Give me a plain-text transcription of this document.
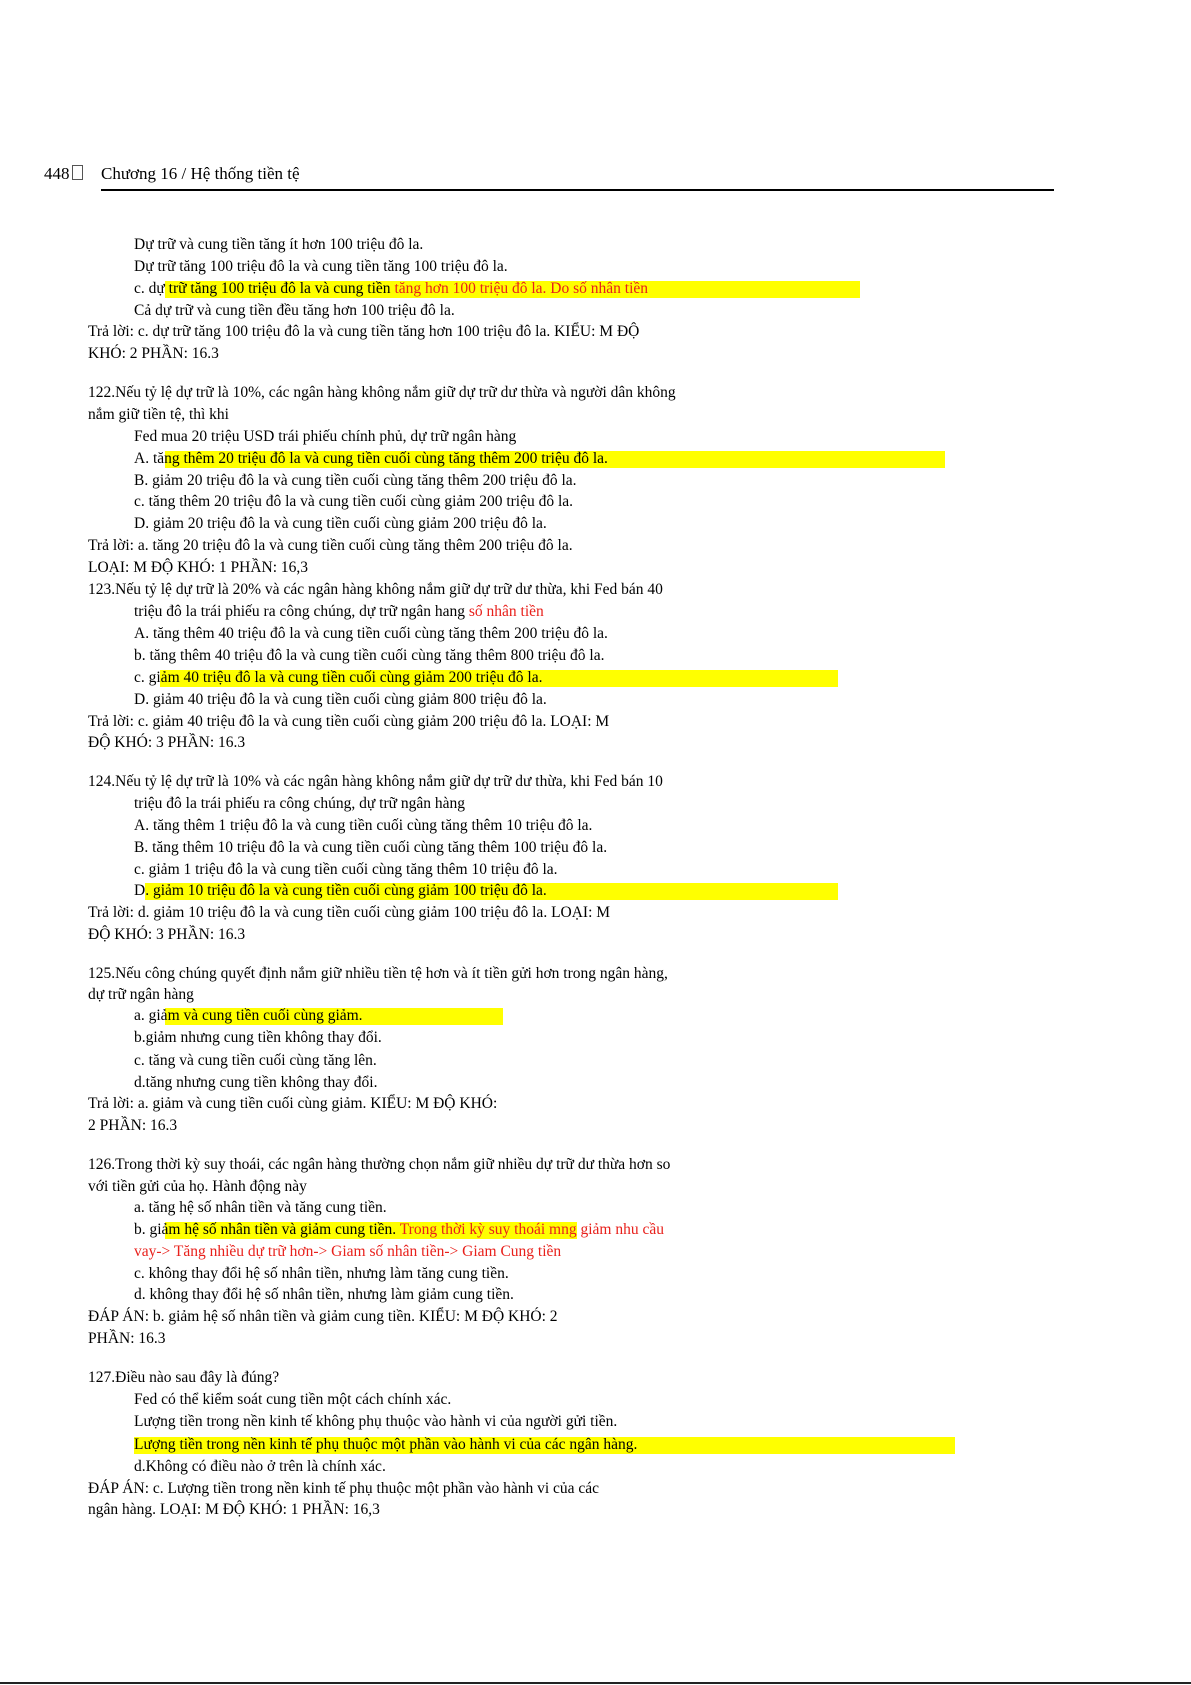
448	Chương 16 / Hệ thống tiền tệ
Dự trữ và cung tiền tăng ít hơn 100 triệu đô la.
Dự trữ tăng 100 triệu đô la và cung tiền tăng 100 triệu đô la.
c. dự trữ tăng 100 triệu đô la và cung tiền tăng hơn 100 triệu đô la. Do số nhân tiền
Cả dự trữ và cung tiền đều tăng hơn 100 triệu đô la.
Trả lời: c. dự trữ tăng 100 triệu đô la và cung tiền tăng hơn 100 triệu đô la. KIỂU: M ĐỘ
KHÓ: 2 PHẦN: 16.3
122.Nếu tỷ lệ dự trữ là 10%, các ngân hàng không nắm giữ dự trữ dư thừa và người dân không
nắm giữ tiền tệ, thì khi
Fed mua 20 triệu USD trái phiếu chính phủ, dự trữ ngân hàng
A. tăng thêm 20 triệu đô la và cung tiền cuối cùng tăng thêm 200 triệu đô la.
B. giảm 20 triệu đô la và cung tiền cuối cùng tăng thêm 200 triệu đô la.
c. tăng thêm 20 triệu đô la và cung tiền cuối cùng giảm 200 triệu đô la.
D. giảm 20 triệu đô la và cung tiền cuối cùng giảm 200 triệu đô la.
Trả lời: a. tăng 20 triệu đô la và cung tiền cuối cùng tăng thêm 200 triệu đô la.
LOẠI: M ĐỘ KHÓ: 1 PHẦN: 16,3
123.Nếu tỷ lệ dự trữ là 20% và các ngân hàng không nắm giữ dự trữ dư thừa, khi Fed bán 40
triệu đô la trái phiếu ra công chúng, dự trữ ngân hang số nhân tiền
A. tăng thêm 40 triệu đô la và cung tiền cuối cùng tăng thêm 200 triệu đô la.
b. tăng thêm 40 triệu đô la và cung tiền cuối cùng tăng thêm 800 triệu đô la.
c. giảm 40 triệu đô la và cung tiền cuối cùng giảm 200 triệu đô la.
D. giảm 40 triệu đô la và cung tiền cuối cùng giảm 800 triệu đô la.
Trả lời: c. giảm 40 triệu đô la và cung tiền cuối cùng giảm 200 triệu đô la. LOẠI: M
ĐỘ KHÓ: 3 PHẦN: 16.3
124.Nếu tỷ lệ dự trữ là 10% và các ngân hàng không nắm giữ dự trữ dư thừa, khi Fed bán 10
triệu đô la trái phiếu ra công chúng, dự trữ ngân hàng
A. tăng thêm 1 triệu đô la và cung tiền cuối cùng tăng thêm 10 triệu đô la.
B. tăng thêm 10 triệu đô la và cung tiền cuối cùng tăng thêm 100 triệu đô la.
c. giảm 1 triệu đô la và cung tiền cuối cùng tăng thêm 10 triệu đô la.
D. giảm 10 triệu đô la và cung tiền cuối cùng giảm 100 triệu đô la.
Trả lời: d. giảm 10 triệu đô la và cung tiền cuối cùng giảm 100 triệu đô la. LOẠI: M
ĐỘ KHÓ: 3 PHẦN: 16.3
125.Nếu công chúng quyết định nắm giữ nhiều tiền tệ hơn và ít tiền gửi hơn trong ngân hàng,
dự trữ ngân hàng
a. giảm và cung tiền cuối cùng giảm.
b.giảm nhưng cung tiền không thay đổi.
c. tăng và cung tiền cuối cùng tăng lên.
d.tăng nhưng cung tiền không thay đổi.
Trả lời: a. giảm và cung tiền cuối cùng giảm. KIỂU: M ĐỘ KHÓ:
2 PHẦN: 16.3
126.Trong thời kỳ suy thoái, các ngân hàng thường chọn nắm giữ nhiều dự trữ dư thừa hơn so
với tiền gửi của họ. Hành động này
a. tăng hệ số nhân tiền và tăng cung tiền.
b. giảm hệ số nhân tiền và giảm cung tiền. Trong thời kỳ suy thoái mng giảm nhu cầu
vay-> Tăng nhiều dự trữ hơn-> Giam số nhân tiền-> Giam Cung tiền
c. không thay đổi hệ số nhân tiền, nhưng làm tăng cung tiền.
d. không thay đổi hệ số nhân tiền, nhưng làm giảm cung tiền.
ĐÁP ÁN: b. giảm hệ số nhân tiền và giảm cung tiền. KIỂU: M ĐỘ KHÓ: 2
PHẦN: 16.3
127.Điều nào sau đây là đúng?
Fed có thể kiểm soát cung tiền một cách chính xác.
Lượng tiền trong nền kinh tế không phụ thuộc vào hành vi của người gửi tiền.
Lượng tiền trong nền kinh tế phụ thuộc một phần vào hành vi của các ngân hàng.
d.Không có điều nào ở trên là chính xác.
ĐÁP ÁN: c. Lượng tiền trong nền kinh tế phụ thuộc một phần vào hành vi của các
ngân hàng. LOẠI: M ĐỘ KHÓ: 1 PHẦN: 16,3
